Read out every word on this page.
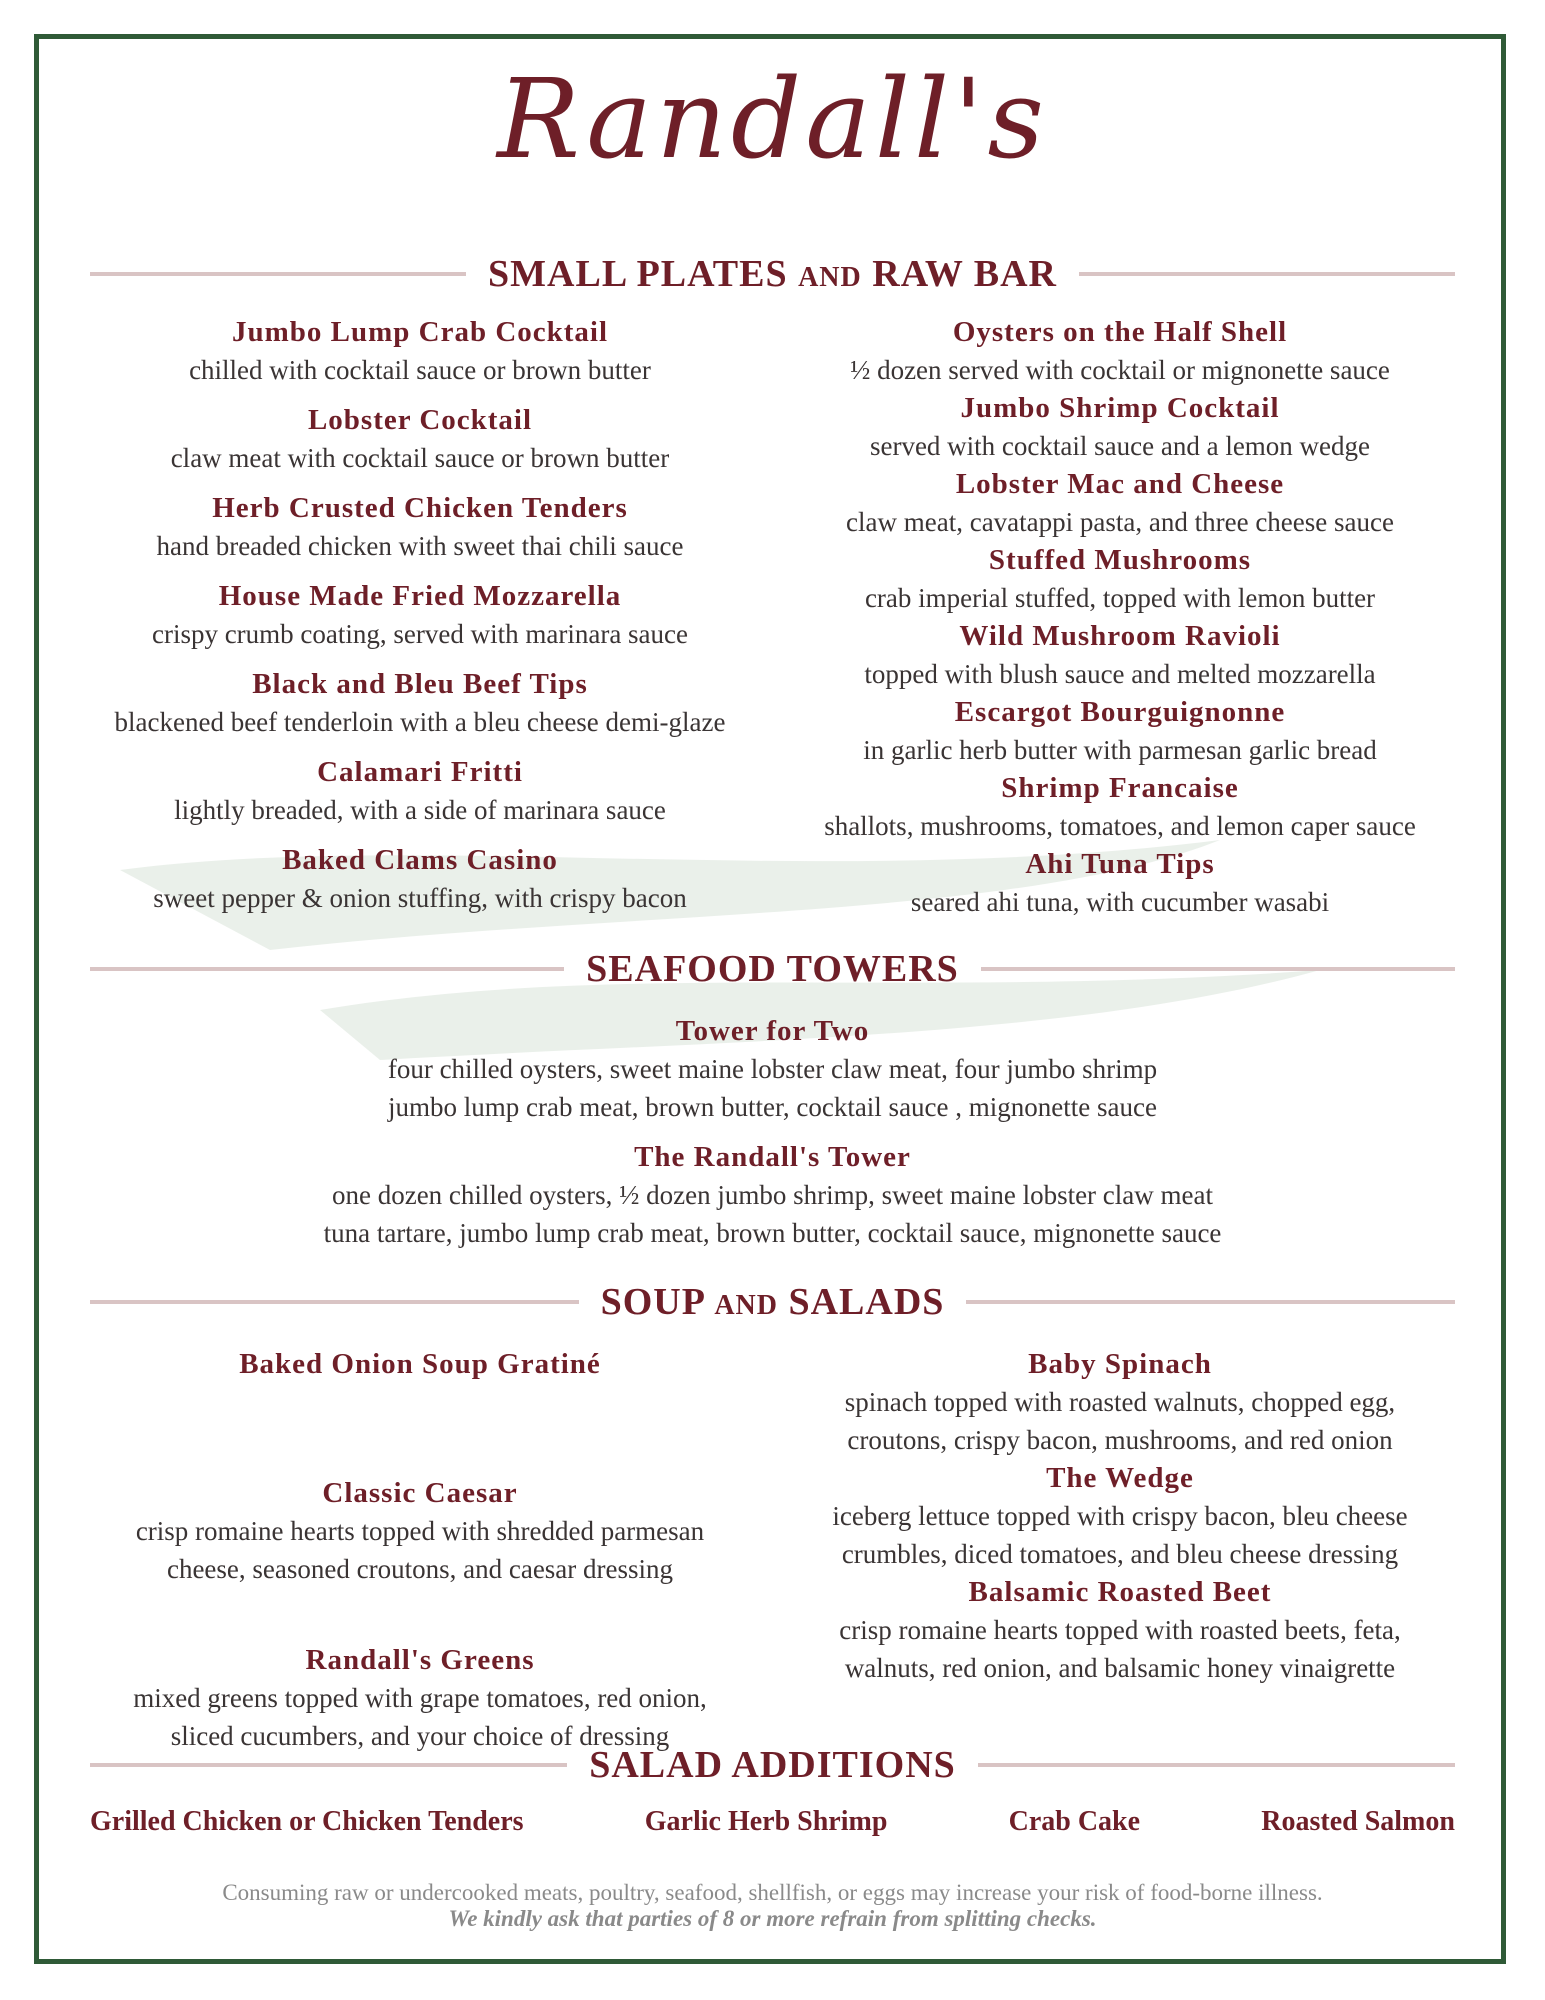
Randall's
SMALL PLATES AND RAW BAR
Jumbo Lump Crab Cocktail
chilled with cocktail sauce or brown butter
Lobster Cocktail
claw meat with cocktail sauce or brown butter
Herb Crusted Chicken Tenders
hand breaded chicken with sweet thai chili sauce
House Made Fried Mozzarella
crispy crumb coating, served with marinara sauce
Black and Bleu Beef Tips
blackened beef tenderloin with a bleu cheese demi-glaze
Calamari Fritti
lightly breaded, with a side of marinara sauce
Baked Clams Casino
sweet pepper & onion stuffing, with crispy bacon
Oysters on the Half Shell
½ dozen served with cocktail or mignonette sauce
Jumbo Shrimp Cocktail
served with cocktail sauce and a lemon wedge
Lobster Mac and Cheese
claw meat, cavatappi pasta, and three cheese sauce
Stuffed Mushrooms
crab imperial stuffed, topped with lemon butter
Wild Mushroom Ravioli
topped with blush sauce and melted mozzarella
Escargot Bourguignonne
in garlic herb butter with parmesan garlic bread
Shrimp Francaise
shallots, mushrooms, tomatoes, and lemon caper sauce
Ahi Tuna Tips
seared ahi tuna, with cucumber wasabi
SEAFOOD TOWERS
Tower for Two
four chilled oysters, sweet maine lobster claw meat, four jumbo shrimp
jumbo lump crab meat, brown butter, cocktail sauce , mignonette sauce
The Randall's Tower
one dozen chilled oysters, ½ dozen jumbo shrimp, sweet maine lobster claw meat
tuna tartare, jumbo lump crab meat, brown butter, cocktail sauce, mignonette sauce
SOUP AND SALADS
Baked Onion Soup Gratiné
Classic Caesar
crisp romaine hearts topped with shredded parmesan
cheese, seasoned croutons, and caesar dressing
Randall's Greens
mixed greens topped with grape tomatoes, red onion,
sliced cucumbers, and your choice of dressing
Baby Spinach
spinach topped with roasted walnuts, chopped egg,
croutons, crispy bacon, mushrooms, and red onion
The Wedge
iceberg lettuce topped with crispy bacon, bleu cheese
crumbles, diced tomatoes, and bleu cheese dressing
Balsamic Roasted Beet
crisp romaine hearts topped with roasted beets, feta,
walnuts, red onion, and balsamic honey vinaigrette
SALAD ADDITIONS
Grilled Chicken or Chicken Tenders	Garlic Herb Shrimp	Crab Cake	Roasted Salmon
Consuming raw or undercooked meats, poultry, seafood, shellfish, or eggs may increase your risk of food-borne illness.
We kindly ask that parties of 8 or more refrain from splitting checks.
